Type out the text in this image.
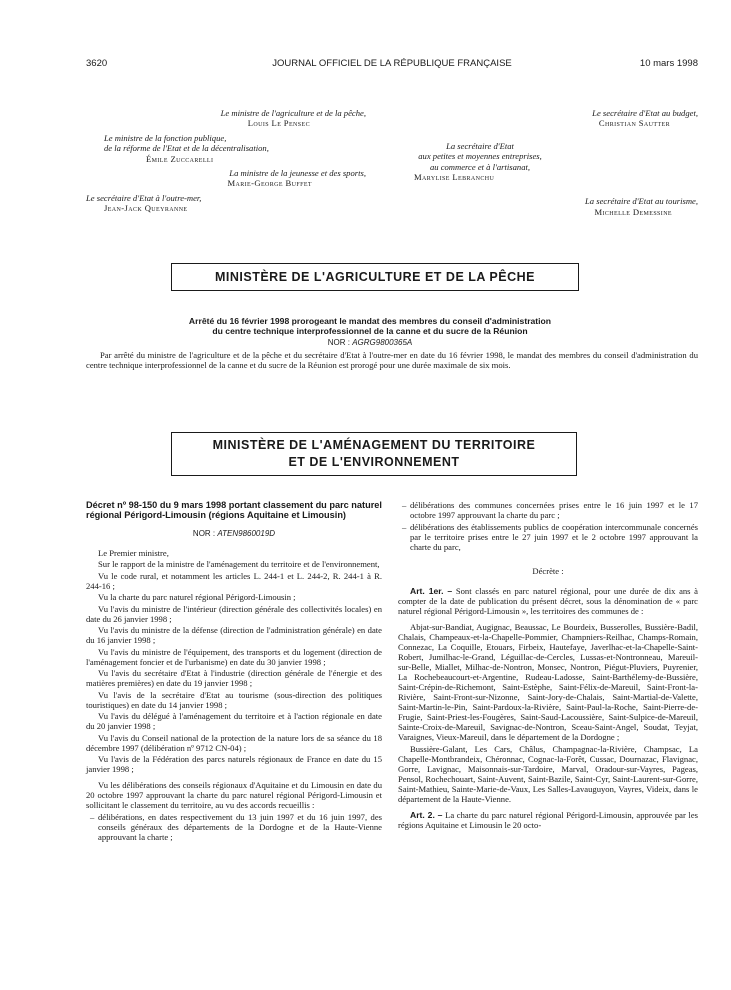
3620	JOURNAL OFFICIEL DE LA RÉPUBLIQUE FRANÇAISE	10 mars 1998
Le ministre de l'agriculture et de la pêche,
Louis Le Pensec
Le ministre de la fonction publique,
de la réforme de l'Etat et de la décentralisation,
Émile Zuccarelli
La ministre de la jeunesse et des sports,
Marie-George Buffet
Le secrétaire d'Etat à l'outre-mer,
Jean-Jack Queyranne
Le secrétaire d'Etat au budget,
Christian Sautter
La secrétaire d'Etat
aux petites et moyennes entreprises,
au commerce et à l'artisanat,
Marylise Lebranchu
La secrétaire d'Etat au tourisme,
Michelle Demessine
MINISTÈRE DE L'AGRICULTURE ET DE LA PÊCHE
Arrêté du 16 février 1998 prorogeant le mandat des membres du conseil d'administration
du centre technique interprofessionnel de la canne et du sucre de la Réunion
NOR : AGRG9800365A
Par arrêté du ministre de l'agriculture et de la pêche et du secrétaire d'Etat à l'outre-mer en date du 16 février 1998, le mandat des membres du conseil d'administration du centre technique interprofessionnel de la canne et du sucre de la Réunion est prorogé pour une durée maximale de six mois.
MINISTÈRE DE L'AMÉNAGEMENT DU TERRITOIRE
ET DE L'ENVIRONNEMENT
Décret nº 98-150 du 9 mars 1998 portant classement du parc naturel régional Périgord-Limousin (régions Aquitaine et Limousin)
NOR : ATEN9860019D

Le Premier ministre,

Sur le rapport de la ministre de l'aménagement du territoire et de l'environnement,

Vu le code rural, et notamment les articles L. 244-1 et L. 244-2, R. 244-1 à R. 244-16 ;

Vu la charte du parc naturel régional Périgord-Limousin ;

Vu l'avis du ministre de l'intérieur (direction générale des collectivités locales) en date du 26 janvier 1998 ;

Vu l'avis du ministre de la défense (direction de l'administration générale) en date du 16 janvier 1998 ;

Vu l'avis du ministre de l'équipement, des transports et du logement (direction de l'aménagement foncier et de l'urbanisme) en date du 30 janvier 1998 ;

Vu l'avis du secrétaire d'Etat à l'industrie (direction générale de l'énergie et des matières premières) en date du 19 janvier 1998 ;

Vu l'avis de la secrétaire d'Etat au tourisme (sous-direction des politiques touristiques) en date du 14 janvier 1998 ;

Vu l'avis du délégué à l'aménagement du territoire et à l'action régionale en date du 20 janvier 1998 ;

Vu l'avis du Conseil national de la protection de la nature lors de sa séance du 18 décembre 1997 (délibération nº 9712 CN-04) ;

Vu l'avis de la Fédération des parcs naturels régionaux de France en date du 15 janvier 1998 ;

Vu les délibérations des conseils régionaux d'Aquitaine et du Limousin en date du 20 octobre 1997 approuvant la charte du parc naturel régional Périgord-Limousin et sollicitant le classement du territoire, au vu des accords recueillis :

– délibérations, en dates respectivement du 13 juin 1997 et du 16 juin 1997, des conseils généraux des départements de la Dordogne et de la Haute-Vienne approuvant la charte ;

– délibérations des communes concernées prises entre le 16 juin 1997 et le 17 octobre 1997 approuvant la charte du parc ;

– délibérations des établissements publics de coopération intercommunale concernés par le territoire prises entre le 27 juin 1997 et le 2 octobre 1997 approuvant la charte du parc,

Décrète :

Art. 1er. – Sont classés en parc naturel régional, pour une durée de dix ans à compter de la date de publication du présent décret, sous la dénomination de « parc naturel régional Périgord-Limousin », les territoires des communes de :

Abjat-sur-Bandiat, Augignac, Beaussac, Le Bourdeix, Busserolles, Bussière-Badil, Chalais, Champeaux-et-la-Chapelle-Pommier, Champniers-Reilhac, Champs-Romain, Connezac, La Coquille, Etouars, Firbeix, Hautefaye, Javerlhac-et-la-Chapelle-Saint-Robert, Jumilhac-le-Grand, Léguillac-de-Cercles, Lussas-et-Nontronneau, Mareuil-sur-Belle, Miallet, Milhac-de-Nontron, Monsec, Nontron, Piégut-Pluviers, Puyrenier, La Rochebeaucourt-et-Argentine, Rudeau-Ladosse, Saint-Barthélemy-de-Bussière, Saint-Crépin-de-Richemont, Saint-Estèphe, Saint-Félix-de-Mareuil, Saint-Front-la-Rivière, Saint-Front-sur-Nizonne, Saint-Jory-de-Chalais, Saint-Martial-de-Valette, Saint-Martin-le-Pin, Saint-Pardoux-la-Rivière, Saint-Paul-la-Roche, Saint-Pierre-de-Frugie, Saint-Priest-les-Fougères, Saint-Saud-Lacoussière, Saint-Sulpice-de-Mareuil, Sainte-Croix-de-Mareuil, Savignac-de-Nontron, Sceau-Saint-Angel, Soudat, Teyjat, Varaignes, Vieux-Mareuil, dans le département de la Dordogne ;

Bussière-Galant, Les Cars, Châlus, Champagnac-la-Rivière, Champsac, La Chapelle-Montbrandeix, Chéronnac, Cognac-la-Forêt, Cussac, Dournazac, Flavignac, Gorre, Lavignac, Maisonnais-sur-Tardoire, Marval, Oradour-sur-Vayres, Pageas, Pensol, Rochechouart, Saint-Auvent, Saint-Bazile, Saint-Cyr, Saint-Laurent-sur-Gorre, Saint-Mathieu, Sainte-Marie-de-Vaux, Les Salles-Lavauguyon, Vayres, Videix, dans le département de la Haute-Vienne.

Art. 2. – La charte du parc naturel régional Périgord-Limousin, approuvée par les régions Aquitaine et Limousin le 20 octo-
